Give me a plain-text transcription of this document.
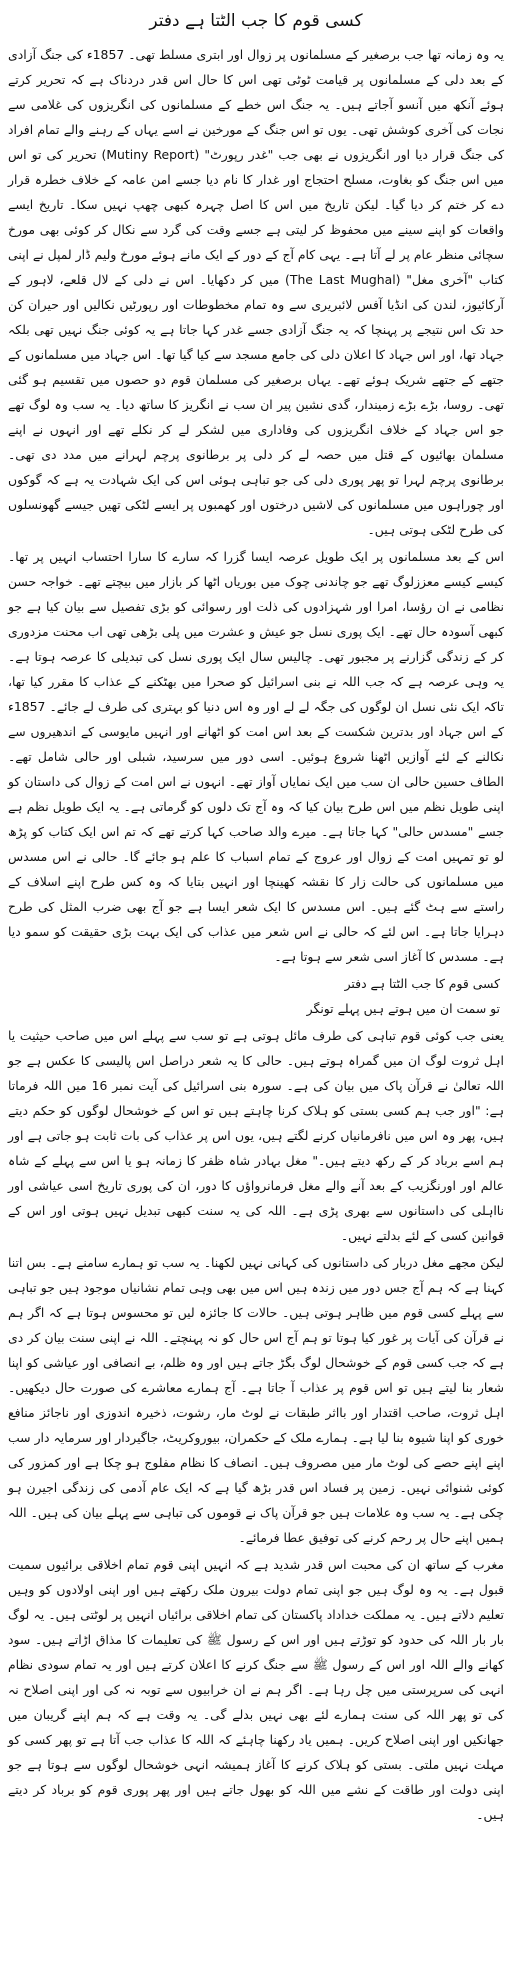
کسی قوم کا جب الٹتا ہے دفتر

یہ وہ زمانہ تھا جب برصغیر کے مسلمانوں پر زوال اور ابتری مسلط تھی۔ 1857ء کی جنگ آزادی کے بعد دلی کے مسلمانوں پر قیامت ٹوٹی تھی اس کا حال اس قدر دردناک ہے کہ تحریر کرتے ہوئے آنکھ میں آنسو آجاتے ہیں۔ یہ جنگ اس خطے کے مسلمانوں کی انگریزوں کی غلامی سے نجات کی آخری کوشش تھی۔ یوں تو اس جنگ کے مورخین نے اسے یہاں کے رہنے والے تمام افراد کی جنگ قرار دیا اور انگریزوں نے بھی جب "غدر رپورٹ" (Mutiny Report) تحریر کی تو اس میں اس جنگ کو بغاوت، مسلح احتجاج اور غدار کا نام دیا جسے امن عامہ کے خلاف خطرہ قرار دے کر ختم کر دیا گیا۔ لیکن تاریخ میں اس کا اصل چہرہ کبھی چھپ نہیں سکا۔ تاریخ ایسے واقعات کو اپنے سینے میں محفوظ کر لیتی ہے جسے وقت کی گرد سے نکال کر کوئی بھی مورخ سچائی منظر عام پر لے آتا ہے۔ یہی کام آج کے دور کے ایک مانے ہوئے مورخ ولیم ڈار لمپل نے اپنی کتاب "آخری مغل" (The Last Mughal) میں کر دکھایا۔ اس نے دلی کے لال قلعے، لاہور کے آرکائیوز، لندن کی انڈیا آفس لائبریری سے وہ تمام مخطوطات اور رپورٹیں نکالیں اور حیران کن حد تک اس نتیجے پر پہنچا کہ یہ جنگ آزادی جسے غدر کہا جاتا ہے یہ کوئی جنگ نہیں تھی بلکہ جہاد تھا، اور اس جہاد کا اعلان دلی کی جامع مسجد سے کیا گیا تھا۔ اس جہاد میں مسلمانوں کے جتھے کے جتھے شریک ہوئے تھے۔ یہاں برصغیر کی مسلمان قوم دو حصوں میں تقسیم ہو گئی تھی۔ روسا، بڑے بڑے زمیندار، گدی نشین پیر ان سب نے انگریز کا ساتھ دیا۔ یہ سب وہ لوگ تھے جو اس جہاد کے خلاف انگریزوں کی وفاداری میں لشکر لے کر نکلے تھے اور انہوں نے اپنے مسلمان بھائیوں کے قتل میں حصہ لے کر دلی پر برطانوی پرچم لہرانے میں مدد دی تھی۔ برطانوی پرچم لہرا تو پھر پوری دلی کی جو تباہی ہوئی اس کی ایک شہادت یہ ہے کہ گوکوں اور چوراہوں میں مسلمانوں کی لاشیں درختوں اور کھمبوں پر ایسے لٹکی تھیں جیسے گھونسلوں کی طرح لٹکی ہوتی ہیں۔

اس کے بعد مسلمانوں پر ایک طویل عرصہ ایسا گزرا کہ سارے کا سارا احتساب انہیں پر تھا۔ کیسے کیسے معززلوگ تھے جو چاندنی چوک میں بوریاں اٹھا کر بازار میں بیچتے تھے۔ خواجہ حسن نظامی نے ان رؤسا، امرا اور شہزادوں کی ذلت اور رسوائی کو بڑی تفصیل سے بیان کیا ہے جو کبھی آسودہ حال تھے۔ ایک پوری نسل جو عیش و عشرت میں پلی بڑھی تھی اب محنت مزدوری کر کے زندگی گزارنے پر مجبور تھی۔ چالیس سال ایک پوری نسل کی تبدیلی کا عرصہ ہوتا ہے۔ یہ وہی عرصہ ہے کہ جب اللہ نے بنی اسرائیل کو صحرا میں بھٹکنے کے عذاب کا مقرر کیا تھا، تاکہ ایک نئی نسل ان لوگوں کی جگہ لے لے اور وہ اس دنیا کو بہتری کی طرف لے جائے۔ 1857ء کے اس جہاد اور بدترین شکست کے بعد اس امت کو اٹھانے اور انہیں مایوسی کے اندھیروں سے نکالنے کے لئے آوازیں اٹھنا شروع ہوئیں۔ اسی دور میں سرسید، شبلی اور حالی شامل تھے۔ الطاف حسین حالی ان سب میں ایک نمایاں آواز تھے۔ انہوں نے اس امت کے زوال کی داستان کو اپنی طویل نظم میں اس طرح بیان کیا کہ وہ آج تک دلوں کو گرماتی ہے۔ یہ ایک طویل نظم ہے جسے "مسدس حالی" کہا جاتا ہے۔ میرے والد صاحب کہا کرتے تھے کہ تم اس ایک کتاب کو پڑھ لو تو تمہیں امت کے زوال اور عروج کے تمام اسباب کا علم ہو جائے گا۔ حالی نے اس مسدس میں مسلمانوں کی حالت زار کا نقشہ کھینچا اور انہیں بتایا کہ وہ کس طرح اپنے اسلاف کے راستے سے ہٹ گئے ہیں۔ اس مسدس کا ایک شعر ایسا ہے جو آج بھی ضرب المثل کی طرح دہرایا جاتا ہے۔ اس لئے کہ حالی نے اس شعر میں عذاب کی ایک بہت بڑی حقیقت کو سمو دیا ہے۔ مسدس کا آغاز اسی شعر سے ہوتا ہے۔

کسی قوم کا جب الٹتا ہے دفتر
تو سمت ان میں ہوتے ہیں پہلے تونگر

یعنی جب کوئی قوم تباہی کی طرف مائل ہوتی ہے تو سب سے پہلے اس میں صاحب حیثیت یا اہل ثروت لوگ ان میں گمراہ ہوتے ہیں۔ حالی کا یہ شعر دراصل اس پالیسی کا عکس ہے جو اللہ تعالیٰ نے قرآن پاک میں بیان کی ہے۔ سورہ بنی اسرائیل کی آیت نمبر 16 میں اللہ فرماتا ہے: "اور جب ہم کسی بستی کو ہلاک کرنا چاہتے ہیں تو اس کے خوشحال لوگوں کو حکم دیتے ہیں، پھر وہ اس میں نافرمانیاں کرنے لگتے ہیں، یوں اس پر عذاب کی بات ثابت ہو جاتی ہے اور ہم اسے برباد کر کے رکھ دیتے ہیں۔" مغل بہادر شاہ ظفر کا زمانہ ہو یا اس سے پہلے کے شاہ عالم اور اورنگزیب کے بعد آنے والے مغل فرمانرواؤں کا دور، ان کی پوری تاریخ اسی عیاشی اور نااہلی کی داستانوں سے بھری پڑی ہے۔ اللہ کی یہ سنت کبھی تبدیل نہیں ہوتی اور اس کے قوانین کسی کے لئے بدلتے نہیں۔

لیکن مجھے مغل دربار کی داستانوں کی کہانی نہیں لکھنا۔ یہ سب تو ہمارے سامنے ہے۔ بس اتنا کہنا ہے کہ ہم آج جس دور میں زندہ ہیں اس میں بھی وہی تمام نشانیاں موجود ہیں جو تباہی سے پہلے کسی قوم میں ظاہر ہوتی ہیں۔ حالات کا جائزہ لیں تو محسوس ہوتا ہے کہ اگر ہم نے قرآن کی آیات پر غور کیا ہوتا تو ہم آج اس حال کو نہ پہنچتے۔ اللہ نے اپنی سنت بیان کر دی ہے کہ جب کسی قوم کے خوشحال لوگ بگڑ جاتے ہیں اور وہ ظلم، بے انصافی اور عیاشی کو اپنا شعار بنا لیتے ہیں تو اس قوم پر عذاب آ جاتا ہے۔ آج ہمارے معاشرے کی صورت حال دیکھیں۔ اہل ثروت، صاحب اقتدار اور بااثر طبقات نے لوٹ مار، رشوت، ذخیرہ اندوزی اور ناجائز منافع خوری کو اپنا شیوہ بنا لیا ہے۔ ہمارے ملک کے حکمران، بیوروکریٹ، جاگیردار اور سرمایہ دار سب اپنے اپنے حصے کی لوٹ مار میں مصروف ہیں۔ انصاف کا نظام مفلوج ہو چکا ہے اور کمزور کی کوئی شنوائی نہیں۔ زمین پر فساد اس قدر بڑھ گیا ہے کہ ایک عام آدمی کی زندگی اجیرن ہو چکی ہے۔ یہ سب وہ علامات ہیں جو قرآن پاک نے قوموں کی تباہی سے پہلے بیان کی ہیں۔ اللہ ہمیں اپنے حال پر رحم کرنے کی توفیق عطا فرمائے۔

مغرب کے ساتھ ان کی محبت اس قدر شدید ہے کہ انہیں اپنی قوم تمام اخلاقی برائیوں سمیت قبول ہے۔ یہ وہ لوگ ہیں جو اپنی تمام دولت بیرون ملک رکھتے ہیں اور اپنی اولادوں کو وہیں تعلیم دلاتے ہیں۔ یہ مملکت خداداد پاکستان کی تمام اخلاقی برائیاں انہیں پر لوٹتی ہیں۔ یہ لوگ بار بار اللہ کی حدود کو توڑتے ہیں اور اس کے رسول ﷺ کی تعلیمات کا مذاق اڑاتے ہیں۔ سود کھانے والے اللہ اور اس کے رسول ﷺ سے جنگ کرنے کا اعلان کرتے ہیں اور یہ تمام سودی نظام انہی کی سرپرستی میں چل رہا ہے۔ اگر ہم نے ان خرابیوں سے توبہ نہ کی اور اپنی اصلاح نہ کی تو پھر اللہ کی سنت ہمارے لئے بھی نہیں بدلے گی۔ یہ وقت ہے کہ ہم اپنے گریبان میں جھانکیں اور اپنی اصلاح کریں۔ ہمیں یاد رکھنا چاہئے کہ اللہ کا عذاب جب آتا ہے تو پھر کسی کو مہلت نہیں ملتی۔ بستی کو ہلاک کرنے کا آغاز ہمیشہ انہی خوشحال لوگوں سے ہوتا ہے جو اپنی دولت اور طاقت کے نشے میں اللہ کو بھول جاتے ہیں اور پھر پوری قوم کو برباد کر دیتے ہیں۔
